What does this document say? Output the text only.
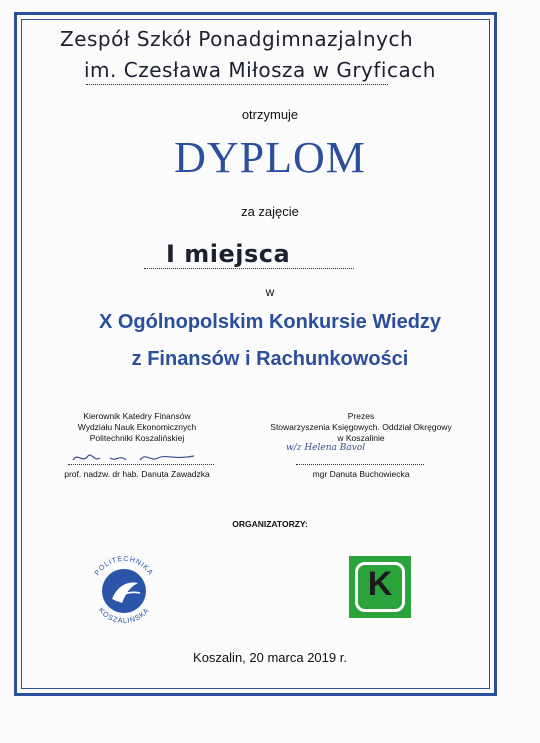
Zespół Szkół Ponadgimnazjalnych
im. Czesława Miłosza w Gryficach
otrzymuje
DYPLOM
za zajęcie
I miejsca
w
X Ogólnopolskim Konkursie Wiedzy
z Finansów i Rachunkowości
Kierownik Katedry Finansów
Wydziału Nauk Ekonomicznych
Politechniki Koszalińskiej
prof. nadzw. dr hab. Danuta Zawadzka
Prezes
Stowarzyszenia Księgowych. Oddział Okręgowy
w Koszalinie
w/z Helena Bavol
mgr Danuta Buchowiecka
ORGANIZATORZY:
POLITECHNIKA
KOSZALIŃSKA
K
Koszalin, 20 marca 2019 r.
